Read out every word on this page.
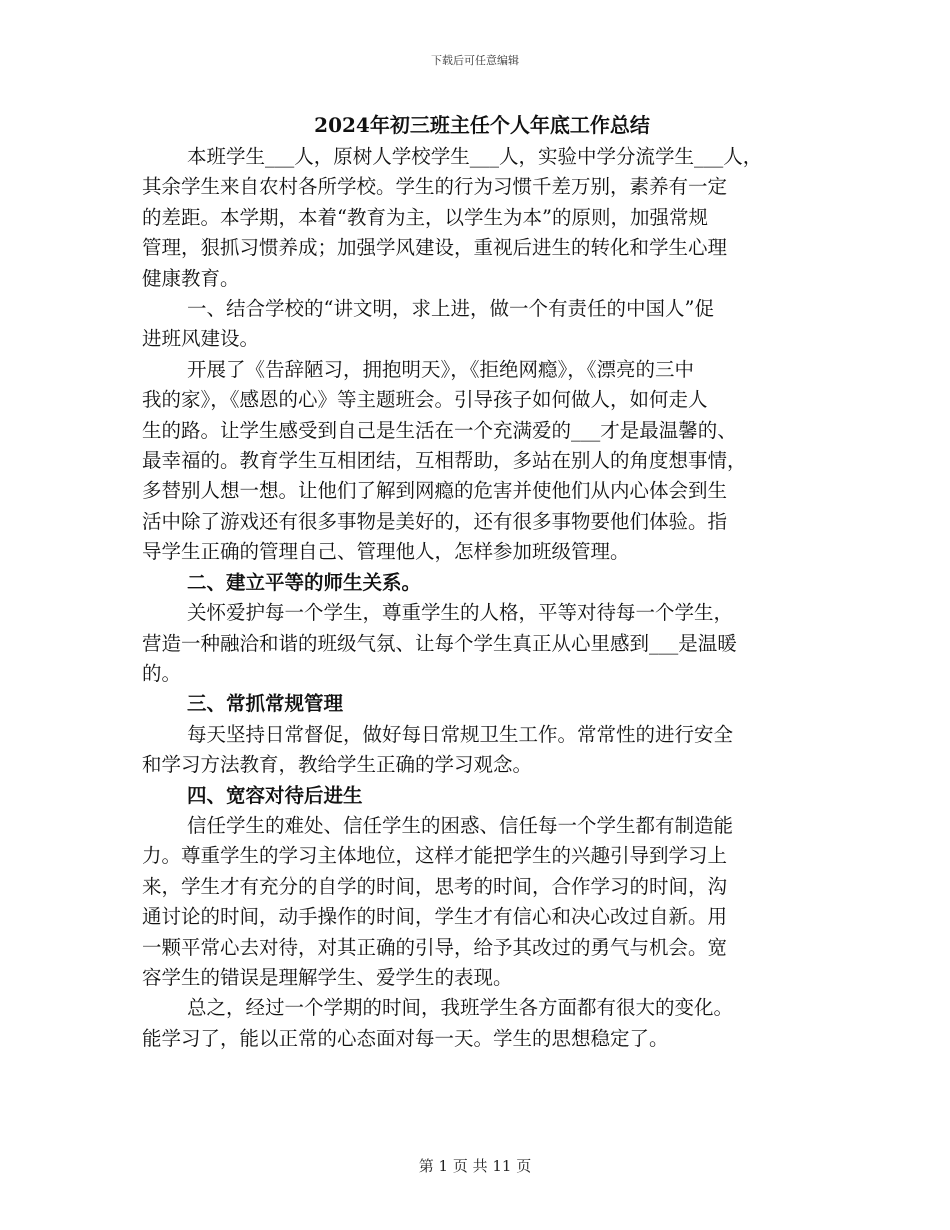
下载后可任意编辑
2024年初三班主任个人年底工作总结
本班学生___人，原树人学校学生___人，实验中学分流学生___人，
其余学生来自农村各所学校。学生的行为习惯千差万别，素养有一定
的差距。本学期，本着“教育为主，以学生为本”的原则，加强常规
管理，狠抓习惯养成；加强学风建设，重视后进生的转化和学生心理
健康教育。
一、结合学校的“讲文明，求上进，做一个有责任的中国人”促
进班风建设。
开展了《告辞陋习，拥抱明天》，《拒绝网瘾》，《漂亮的三中
我的家》，《感恩的心》等主题班会。引导孩子如何做人，如何走人
生的路。让学生感受到自己是生活在一个充满爱的___才是最温馨的、
最幸福的。教育学生互相团结，互相帮助，多站在别人的角度想事情，
多替别人想一想。让他们了解到网瘾的危害并使他们从内心体会到生
活中除了游戏还有很多事物是美好的，还有很多事物要他们体验。指
导学生正确的管理自己、管理他人，怎样参加班级管理。
二、建立平等的师生关系。
关怀爱护每一个学生，尊重学生的人格，平等对待每一个学生，
营造一种融洽和谐的班级气氛、让每个学生真正从心里感到___是温暖
的。
三、常抓常规管理
每天坚持日常督促，做好每日常规卫生工作。常常性的进行安全
和学习方法教育，教给学生正确的学习观念。
四、宽容对待后进生
信任学生的难处、信任学生的困惑、信任每一个学生都有制造能
力。尊重学生的学习主体地位，这样才能把学生的兴趣引导到学习上
来，学生才有充分的自学的时间，思考的时间，合作学习的时间，沟
通讨论的时间，动手操作的时间，学生才有信心和决心改过自新。用
一颗平常心去对待，对其正确的引导，给予其改过的勇气与机会。宽
容学生的错误是理解学生、爱学生的表现。
总之，经过一个学期的时间，我班学生各方面都有很大的变化。
能学习了，能以正常的心态面对每一天。学生的思想稳定了。
第 1 页 共 11 页
